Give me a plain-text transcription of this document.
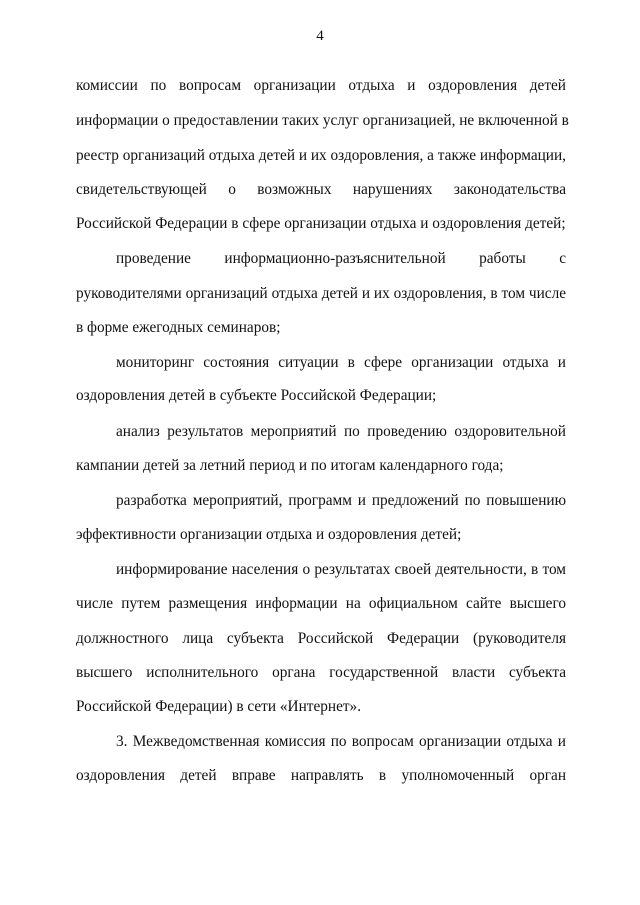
4
комиссии по вопросам организации отдыха и оздоровления детей
информации о предоставлении таких услуг организацией, не включенной в
реестр организаций отдыха детей и их оздоровления, а также информации,
свидетельствующей о возможных нарушениях законодательства
Российской Федерации в сфере организации отдыха и оздоровления детей;
проведение информационно-разъяснительной работы с
руководителями организаций отдыха детей и их оздоровления, в том числе
в форме ежегодных семинаров;
мониторинг состояния ситуации в сфере организации отдыха и
оздоровления детей в субъекте Российской Федерации;
анализ результатов мероприятий по проведению оздоровительной
кампании детей за летний период и по итогам календарного года;
разработка мероприятий, программ и предложений по повышению
эффективности организации отдыха и оздоровления детей;
информирование населения о результатах своей деятельности, в том
числе путем размещения информации на официальном сайте высшего
должностного лица субъекта Российской Федерации (руководителя
высшего исполнительного органа государственной власти субъекта
Российской Федерации) в сети «Интернет».
3. Межведомственная комиссия по вопросам организации отдыха и
оздоровления детей вправе направлять в уполномоченный орган
